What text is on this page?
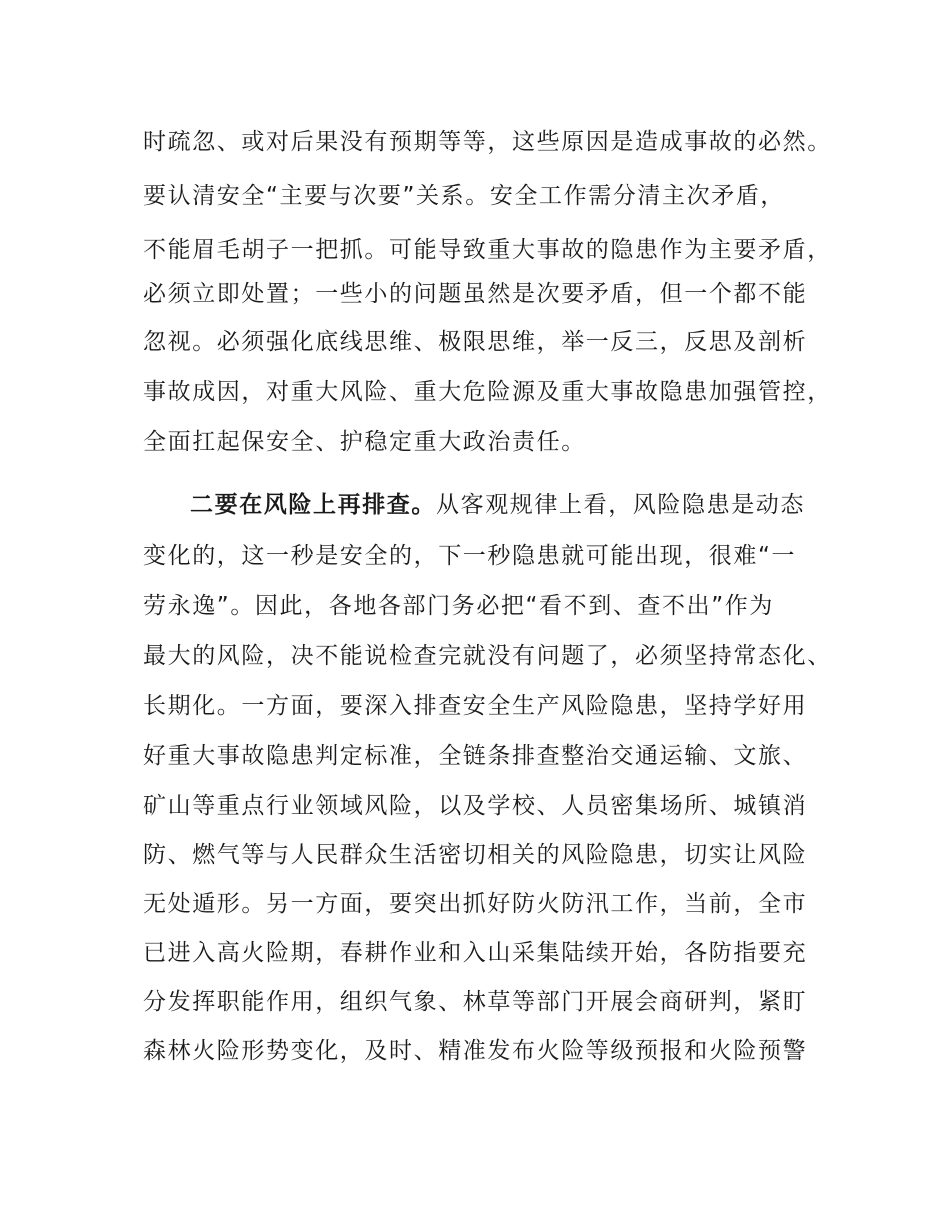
时疏忽、或对后果没有预期等等，这些原因是造成事故的必然。
要认清安全“主要与次要”关系。安全工作需分清主次矛盾，
不能眉毛胡子一把抓。可能导致重大事故的隐患作为主要矛盾，
必须立即处置；一些小的问题虽然是次要矛盾，但一个都不能
忽视。必须强化底线思维、极限思维，举一反三，反思及剖析
事故成因，对重大风险、重大危险源及重大事故隐患加强管控，
全面扛起保安全、护稳定重大政治责任。
二要在风险上再排查。从客观规律上看，风险隐患是动态
变化的，这一秒是安全的，下一秒隐患就可能出现，很难“一
劳永逸”。因此，各地各部门务必把“看不到、查不出”作为
最大的风险，决不能说检查完就没有问题了，必须坚持常态化、
长期化。一方面，要深入排查安全生产风险隐患，坚持学好用
好重大事故隐患判定标准，全链条排查整治交通运输、文旅、
矿山等重点行业领域风险，以及学校、人员密集场所、城镇消
防、燃气等与人民群众生活密切相关的风险隐患，切实让风险
无处遁形。另一方面，要突出抓好防火防汛工作，当前，全市
已进入高火险期，春耕作业和入山采集陆续开始，各防指要充
分发挥职能作用，组织气象、林草等部门开展会商研判，紧盯
森林火险形势变化，及时、精准发布火险等级预报和火险预警
